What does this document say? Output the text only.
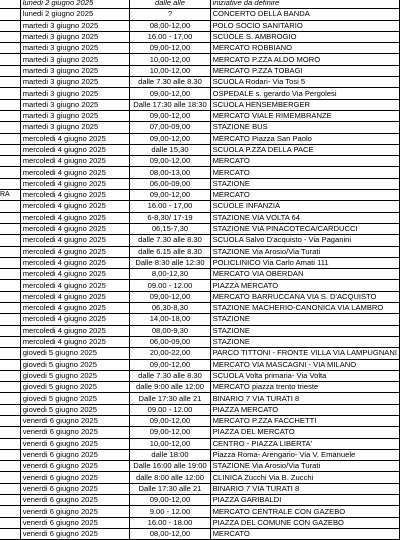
	lunedi 2 giugno 2025	dalle alle	iniziative da definire
	lunedi 2 giugno 2025	?	CONCERTO DELLA BANDA
	martedi 3 giugno 2025	08,00-12,00	POLO SOCIO SANITARIO
	martedi 3 giugno 2025	16.00 - 17,00	SCUOLE S. AMBROGIO
	martedi 3 giugno 2025	09,00-12,00	MERCATO ROBBIANO
	martedi 3 giugno 2025	10,00-12,00	MERCATO P.ZZA ALDO MORO
	martedi 3 giugno 2025	10,00-12,00	MERCATO P.ZZA TOBAGI
	martedi 3 giugno 2025	dalle 7.30 alle 8.30	SCUOLA Rodari- Via Tosi 5
	martedi 3 giugno 2025	09,00-12,00	OSPEDALE s. gerardo Via Pergolesi
	martedi 3 giugno 2025	Dalle 17:30 alle 18:30	SCUOLA HENSEMBERGER
	martedi 3 giugno 2025	09,00-12,00	MERCATO VIALE RIMEMBRANZE
	martedi 3 giugno 2025	07,00-09,00	STAZIONE BUS
	mercoledi 4 giugno 2025	09,00-12,00	MERCATO Piazza San Paolo
	mercoledi 4 giugno 2025	dalle 15,30	SCUOLA P.ZZA DELLA PACE
	mercoledi 4 giugno 2025	09,00-12,00	MERCATO
	mercoledi 4 giugno 2025	08,00-13,00	MERCATO
	mercoledi 4 giugno 2025	06,00-09,00	STAZIONE
RA	mercoledi 4 giugno 2025	09,00-12,00	MERCATO
	mercoledi 4 giugno 2025	16.00 - 17,00	SCUOLE INFANZIA
	mercoledi 4 giugno 2025	6-8,30/ 17-19	STAZIONE VIA VOLTA 64
	mercoledi 4 giugno 2025	06,15-7,30	STAZIONE VIA PINACOTECA/CARDUCCI
	mercoledi 4 giugno 2025	dalle 7.30 alle 8.30	SCUOLA Salvo D'acquisto - Via Paganini
	mercoledi 4 giugno 2025	dalle 6.15 alle 8.30	STAZIONE Via Arosio/Via Turati
	mercoledi 4 giugno 2025	Dalle 8:30 alle 12:30	POLICLINICO Via Carlo Amati 111
	mercoledi 4 giugno 2025	8,00-12,30	MERCATO VIA OBERDAN
	mercoledi 4 giugno 2025	09.00 - 12.00	PIAZZA MERCATO
	mercoledi 4 giugno 2025	09,00-12,00	MERCATO BARRUCCANA VIA S. D'ACQUISTO
	mercoledi 4 giugno 2025	06,30-8,30	STAZIONE MACHERIO-CANONICA VIA LAMBRO
	mercoledi 4 giugno 2025	14,00-18,00	STAZIONE
	mercoledi 4 giugno 2025	08,00-9,30	STAZIONE
	mercoledi 4 giugno 2025	06,00-09,00	STAZIONE
	giovedi 5 giugno 2025	20,00-22,00	PARCO TITTONI - FRONTE VILLA VIA LAMPUGNANI
	giovedi 5 giugno 2025	09,00-12,00	MERCATO VIA MASCAGNI - VIA MILANO
	giovedi 5 giugno 2025	dalle 7.30 alle 8.30	SCUOLA Volta primaria- Via Volta
	giovedi 5 giugno 2025	dalle 9:00 alle 12:00	MERCATO piazza trento trieste
	giovedi 5 giugno 2025	Dalle 17:30 alle 21	BINARIO 7 VIA TURATI 8
	giovedi 5 giugno 2025	09.00 - 12.00	PIAZZA MERCATO
	venerdi 6 giugno 2025	09,00-12,00	MERCATO P.ZZA FACCHETTI
	venerdi 6 giugno 2025	09,00-12,00	PIAZZA DEL MERCATO
	venerdi 6 giugno 2025	10,00-12,00	CENTRO - PIAZZA LIBERTA'
	venerdi 6 giugno 2025	dalle 18:00	Piazza Roma- Arengario- Via V. Emanuele
	venerdi 6 giugno 2025	Dalle 16:00 alle 19:00	STAZIONE Via Arosio/Via Turati
	venerdi 6 giugno 2025	dalle 8:00 alle 12:00	CLINICA Zucchi Via B. Zucchi
	venerdi 6 giugno 2025	Dalle 17:30 alle 21	BINARIO 7 VIA TURATI 8
	venerdi 6 giugno 2025	09,00-12,00	PIAZZA GARIBALDI
	venerdi 6 giugno 2025	9.00 - 12.00	MERCATO CENTRALE CON GAZEBO
	venerdi 6 giugno 2025	16.00 - 18.00	PIAZZA DEL COMUNE CON GAZEBO
	venerdi 6 giugno 2025	08,00-12,00	MERCATO
